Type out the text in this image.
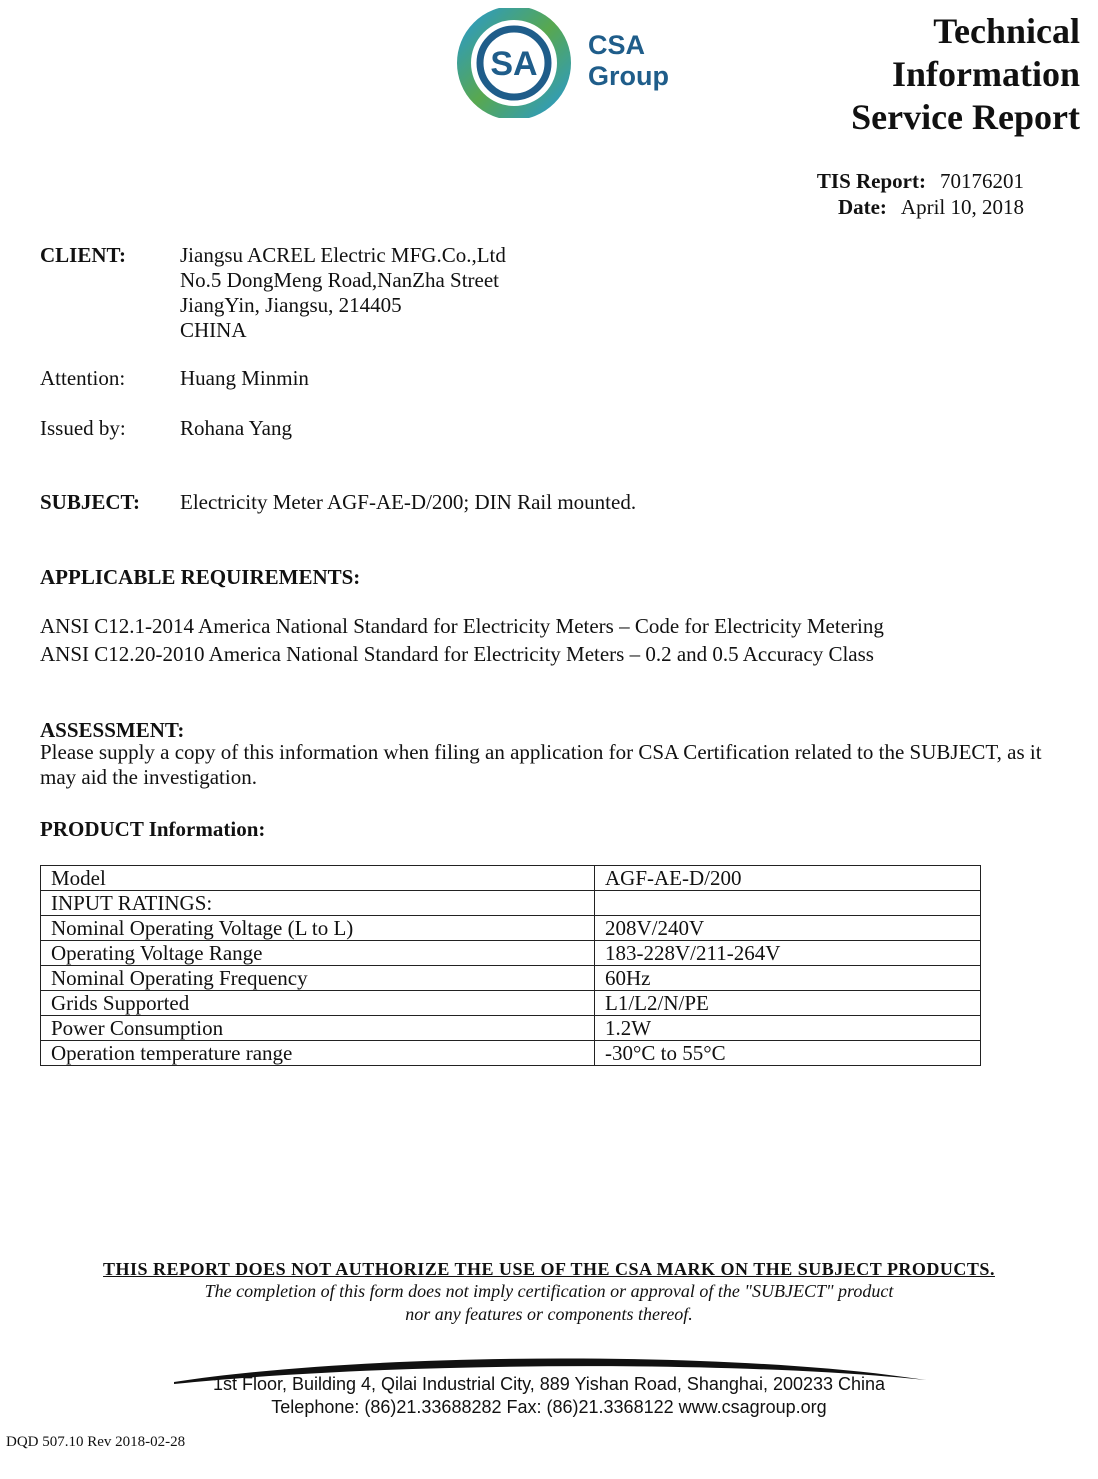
SA CSA
Group
Technical
Information
Service Report
TIS Report: 70176201
Date: April 10, 2018
CLIENT:	Jiangsu ACREL Electric MFG.Co.,Ltd
No.5 DongMeng Road,NanZha Street
JiangYin, Jiangsu, 214405
CHINA
Attention:	Huang Minmin
Issued by:	Rohana Yang
SUBJECT:	Electricity Meter AGF-AE-D/200; DIN Rail mounted.
APPLICABLE REQUIREMENTS:
ANSI C12.1-2014 America National Standard for Electricity Meters – Code for Electricity Metering
ANSI C12.20-2010 America National Standard for Electricity Meters – 0.2 and 0.5 Accuracy Class
ASSESSMENT:
Please supply a copy of this information when filing an application for CSA Certification related to the SUBJECT, as it may aid the investigation.
PRODUCT Information:
Model	AGF-AE-D/200
INPUT RATINGS:	
Nominal Operating Voltage (L to L)	208V/240V
Operating Voltage Range	183-228V/211-264V
Nominal Operating Frequency	60Hz
Grids Supported	L1/L2/N/PE
Power Consumption	1.2W
Operation temperature range	-30°C to 55°C
THIS REPORT DOES NOT AUTHORIZE THE USE OF THE CSA MARK ON THE SUBJECT PRODUCTS.
The completion of this form does not imply certification or approval of the "SUBJECT" product
nor any features or components thereof.
1st Floor, Building 4, Qilai Industrial City, 889 Yishan Road, Shanghai, 200233 China
Telephone: (86)21.33688282 Fax: (86)21.3368122 www.csagroup.org
DQD 507.10 Rev 2018-02-28
